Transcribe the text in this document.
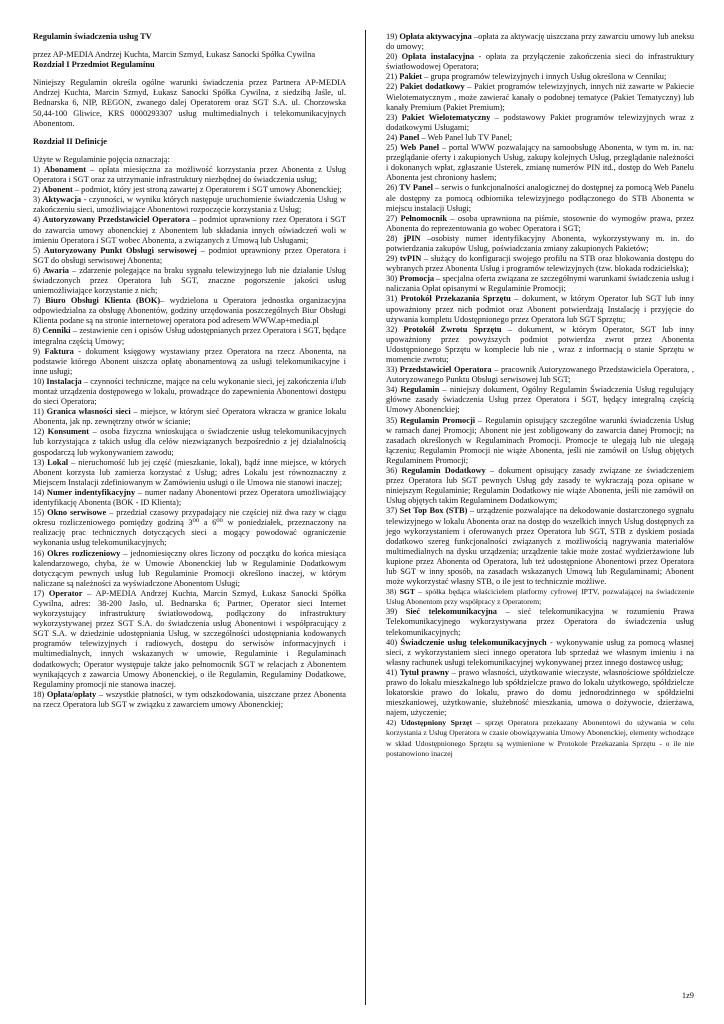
Regulamin świadczenia usług TV

przez AP-MEDIA Andrzej Kuchta, Marcin Szmyd, Łukasz Sanocki Spółka Cywilna

Rozdział I Przedmiot Regulaminu

Niniejszy Regulamin określa ogólne warunki świadczenia przez Partnera AP-MEDIA Andrzej Kuchta, Marcin Szmyd, Łukasz Sanocki Spółka Cywilna, z siedzibą Jaśle, ul. Bednarska 6, NIP, REGON, zwanego dalej Operatorem oraz SGT S.A. ul. Chorzowska 50,44-100 Gliwice, KRS 0000293307 usług multimedialnych i telekomunikacyjnych Abonentom.

Rozdział II Definicje

Użyte w Regulaminie pojęcia oznaczają:

1) Abonament – opłata miesięczna za możliwość korzystania przez Abonenta z Usług Operatora i SGT oraz za utrzymanie infrastruktury niezbędnej do świadczenia usług;

2) Abonent – podmiot, który jest stroną zawartej z Operatorem i SGT umowy Abonenckiej;

3) Aktywacja - czynności, w wyniku których następuje uruchomienie świadczenia Usług w zakończeniu sieci, umożliwiające Abonentowi rozpoczęcie korzystania z Usług;

4) Autoryzowany Przedstawiciel Operatora – podmiot uprawniony rzez Operatora i SGT do zawarcia umowy abonenckiej z Abonentem lub składania innych oświadczeń woli w imieniu Operatora i SGT wobec Abonenta, a związanych z Umową lub Usługami;

5) Autoryzowany Punkt Obsługi serwisowej – podmiot uprawniony przez Operatora i SGT do obsługi serwisowej Abonenta;

6) Awaria – zdarzenie polegające na braku sygnału telewizyjnego lub nie działanie Usług świadczonych przez Operatora lub SGT, znaczne pogorszenie jakości usług uniemożliwiające korzystanie z nich;

7) Biuro Obsługi Klienta (BOK)– wydzielona u Operatora jednostka organizacyjna odpowiedzialna za obsługę Abonentów, godziny urzędowania poszczególnych Biur Obsługi Klienta podane są na stronie internetowej operatora pod adresem WWW.ap+media.pl

8) Cenniki – zestawienie cen i opisów Usług udostępnianych przez Operatora i SGT, będące integralna częścią Umowy;

9) Faktura - dokument księgowy wystawiany przez Operatora na rzecz Abonenta, na podstawie którego Abonent uiszcza opłatę abonamentową za usługi telekomunikacyjne i inne usługi;

10) Instalacja – czynności techniczne, mające na celu wykonanie sieci, jej zakończenia i/lub montaż urządzenia dostępowego w lokalu, prowadzące do zapewnienia Abonentowi dostępu do sieci Operatora;

11) Granica własności sieci – miejsce, w którym sieć Operatora wkracza w granice lokalu Abonenta, jak np. zewnętrzny otwór w ścianie;

12) Konsument – osoba fizyczna wnioskująca o świadczenie usług telekomunikacyjnych lub korzystająca z takich usług dla celów niezwiązanych bezpośrednio z jej działalnością gospodarczą lub wykonywaniem zawodu;

13) Lokal – nieruchomość lub jej część (mieszkanie, lokal), bądź inne miejsce, w których Abonent korzysta lub zamierza korzystać z Usług; adres Lokalu jest równoznaczny z Miejscem Instalacji zdefiniowanym w Zamówieniu usługi o ile Umowa nie stanowi inaczej;

14) Numer indentyfikacyjny – numer nadany Abonentowi przez Operatora umożliwiający identyfikację Abonenta (BOK - ID Klienta);

15) Okno serwisowe – przedział czasowy przypadający nie częściej niż dwa razy w ciągu okresu rozliczeniowego pomiędzy godziną 3⁰⁰ a 6⁰⁰ w poniedziałek, przeznaczony na realizację prac technicznych dotyczących sieci a mogący powodować ograniczenie wykonania usług telekomunikacyjnych;

16) Okres rozliczeniowy – jednomiesięczny okres liczony od początku do końca miesiąca kalendarzowego, chyba, że w Umowie Abonenckiej lub w Regulaminie Dodatkowym dotyczącym pewnych usług lub Regulaminie Promocji określono inaczej, w którym naliczane są należności za wyświadczone Abonentom Usługi;

17) Operator – AP-MEDIA Andrzej Kuchta, Marcin Szmyd, Łukasz Sanocki Spółka Cywilna, adres: 38-200 Jasło, ul. Bednarska 6; Partner, Operator sieci Internet wykorzystujący infrastrukturę światłowodową, podłączony do infrastruktury wykorzystywanej przez SGT S.A. do świadczenia usług Abonentowi i współpracujący z SGT S.A. w dziedzinie udostępniania Usług, w szczególności udostępniania kodowanych programów telewizyjnych i radiowych, dostępu do serwisów informacyjnych i multimedialnych, innych wskazanych w umowie, Regulaminie i Regulaminach dodatkowych; Operator występuje także jako pełnomocnik SGT w relacjach z Abonentem wynikających z zawarcia Umowy Abonenckiej, o ile Regulamin, Regulaminy Dodatkowe, Regulaminy promocji nie stanowa inaczej.

18) Opłata/opłaty – wszystkie płatności, w tym odszkodowania, uiszczane przez Abonenta na rzecz Operatora lub SGT w związku z zawarciem umowy Abonenckiej;

19) Opłata aktywacyjna –opłata za aktywację uiszczana przy zawarciu umowy lub aneksu do umowy;

20) Opłata instalacyjna - opłata za przyłączenie zakończenia sieci do infrastruktury światłowodowej Operatora;

21) Pakiet – grupa programów telewizyjnych i innych Usług określona w Cenniku;

22) Pakiet dodatkowy – Pakiet programów telewizyjnych, innych niż zawarte w Pakiecie Wielotematycznym , może zawierać kanały o podobnej tematyce (Pakiet Tematyczny) lub kanały Premium (Pakiet Premium);

23) Pakiet Wielotematyczny – podstawowy Pakiet programów telewizyjnych wraz z dodatkowymi Usługami;

24) Panel – Web Panel lub TV Panel;

25) Web Panel – portal WWW pozwalający na samoobsługę Abonenta, w tym m. in. na: przeglądanie oferty i zakupionych Usług, zakupy kolejnych Usług, przeglądanie należności i dokonanych wpłat, zgłaszanie Usterek, zmianę numerów PIN itd., dostęp do Web Panelu Abonenta jest chroniony hasłem;

26) TV Panel – serwis o funkcjonalności analogicznej do dostępnej za pomocą Web Panelu ale dostępny za pomocą odbiornika telewizyjnego podłączonego do STB Abonenta w miejscu instalacji Usługi;

27) Pełnomocnik – osoba uprawniona na piśmie, stosownie do wymogów prawa, przez Abonenta do reprezentowania go wobec Operatora i SGT;

28) jPIN –osobisty numer identyfikacyjny Abonenta, wykorzystywany m. in. do potwierdzania zakupów Usług, poświadczania zmiany zakupionych Pakietów;

29) tvPIN – służący do konfiguracji swojego profilu na STB oraz blokowania dostępu do wybranych przez Abonenta Usług i programów telewizyjnych (tzw. blokada rodzicielska);

30) Promocja – specjalna oferta związana ze szczegółnymi warunkami świadczenia usług i naliczania Opłat opisanymi w Regulaminie Promocji;

31) Protokół Przekazania Sprzętu – dokument, w którym Operator lub SGT lub inny upoważniony przez nich podmiot oraz Abonent potwierdzają Instalację i przyjęcie do używania kompletu Udostępnionego przez Operatora lub SGT Sprzętu;

32) Protokół Zwrotu Sprzętu – dokument, w którym Operator, SGT lub inny upoważniony przez powyższych podmiot potwierdza zwrot przez Abonenta Udostępnionego Sprzętu w komplecie lub nie , wraz z informacją o stanie Sprzętu w momencie zwrotu;

33) Przedstawiciel Operatora – pracownik Autoryzowanego Przedstawiciela Operatora, , Autoryzowanego Punktu Obsługi serwisowej lub SGT;

34) Regulamin – niniejszy dokument, Ogólny Regulamin Świadczenia Usług regulujący główne zasady świadczenia Usług przez Operatora i SGT, będący integralną częścią Umowy Abonenckiej;

35) Regulamin Promocji – Regulamin opisujący szczególne warunki świadczenia Usług w ramach danej Promocji; Abonent nie jest zobligowany do zawarcia danej Promocji; na zasadach określonych w Regulaminach Promocji. Promocje te ulegają lub nie ulegają łączeniu; Regulamin Promocji nie wiąże Abonenta, jeśli nie zamówił on Usług objętych Regulaminem Promocji;

36) Regulamin Dodatkowy – dokument opisujący zasady związane ze świadczeniem przez Operatora lub SGT pewnych Usług gdy zasady te wykraczają poza opisane w niniejszym Regulaminie; Regulamin Dodatkowy nie wiąże Abonenta, jeśli nie zamówił on Usług objętych takim Regulaminem Dodatkowym;

37) Set Top Box (STB) – urządzenie pozwalające na dekodowanie dostarczonego sygnału telewizyjnego w lokalu Abonenta oraz na dostęp do wszelkich innych Usług dostępnych za jego wykorzystaniem i oferowanych przez Operatora lub SGT, STB z dyskiem posiada dodatkowo szereg funkcjonalności związanych z możliwością nagrywania materiałów multimedialnych na dysku urządzenia; urządzenie takie może zostać wydzierżawione lub kupione przez Abonenta od Operatora, lub też udostępnione Abonentowi przez Operatora lub SGT w inny sposób, na zasadach wskazanych Umową lub Regulaminami; Abonent może wykorzystać własny STB, o ile jest to technicznie możliwe.

38) SGT – spółka będąca właścicielem platformy cyfrowej IPTV, pozwalającej na świadczenie Usług Abonentom przy współpracy z Operatorem;

39) Sieć telekomunikacyjna – sieć telekomunikacyjna w rozumieniu Prawa Telekomunikacyjnego wykorzystywana przez Operatora do świadczenia usług telekomunikacyjnych;

40) Świadczenie usług telekomunikacyjnych - wykonywanie usług za pomocą własnej sieci, z wykorzystaniem sieci innego operatora lub sprzedaż we własnym imieniu i na własny rachunek usługi telekomunikacyjnej wykonywanej przez innego dostawcę usług;

41) Tytuł prawny – prawo własności, użytkowanie wieczyste, własnościowe spółdzielcze prawo do lokalu mieszkalnego lub spółdzielcze prawo do lokalu użytkowego, spółdzielcze lokatorskie prawo do lokalu, prawo do domu jednorodzinnego w spółdzielni mieszkaniowej, użytkowanie, służebność mieszkania, umowa o dożywocie, dzierżawa, najem, użyczenie;

42) Udostępniony Sprzęt – sprzęt Operatora przekazany Abonentowi do używania w celu korzystania z Usług Operatora w czasie obowiązywania Umowy Abonenckiej, elementy wchodzące w skład Udostępnionego Sprzętu są wymienione w Protokole Przekazania Sprzętu - o ile nie postanowiono inaczej

1z9
